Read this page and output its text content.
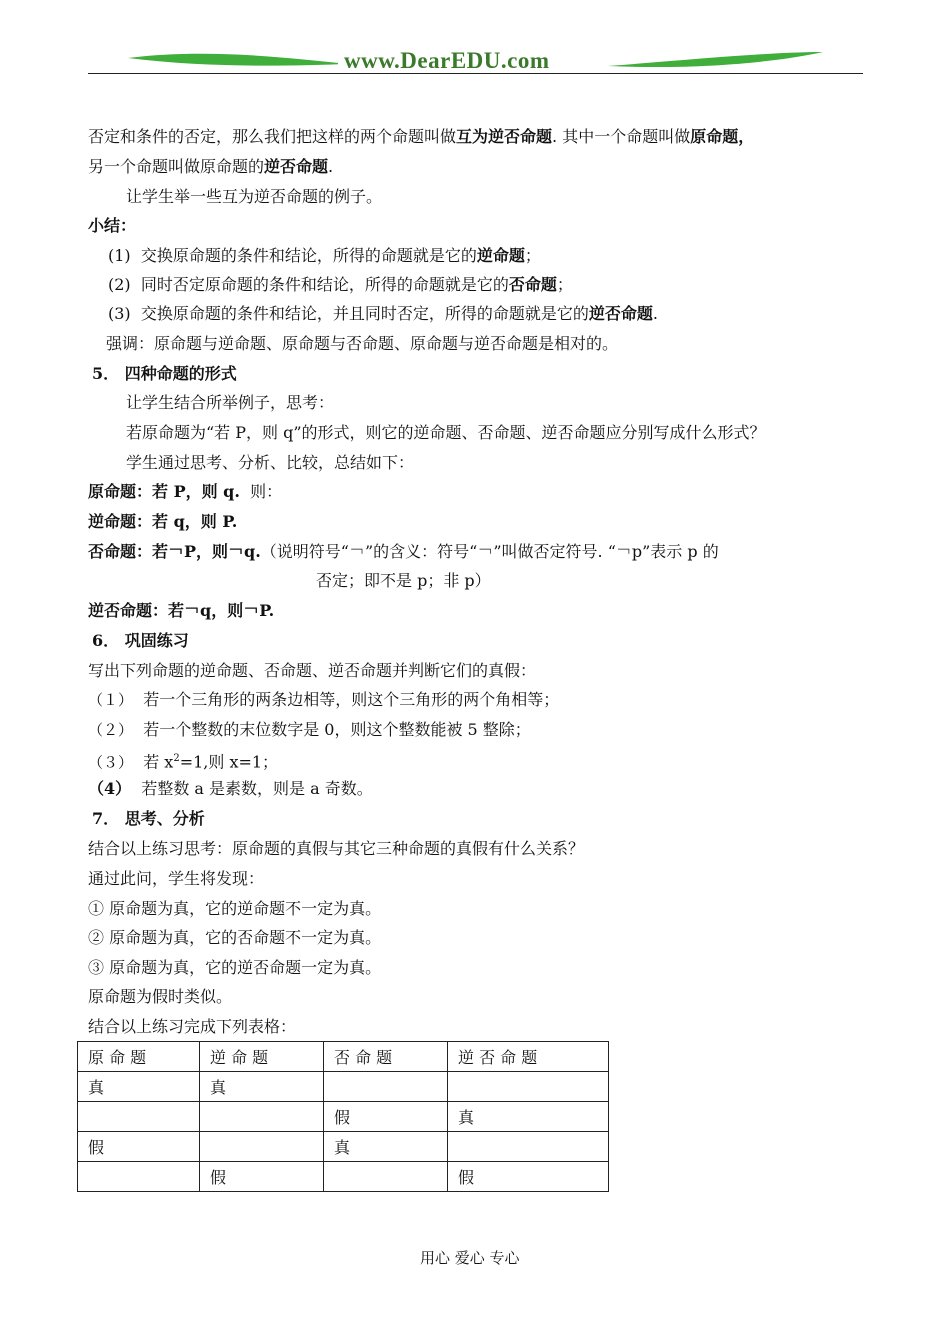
www.DearEDU.com
否定和条件的否定，那么我们把这样的两个命题叫做互为逆否命题. 其中一个命题叫做原命题，
另一个命题叫做原命题的逆否命题.
让学生举一些互为逆否命题的例子。
小结：
(1) 交换原命题的条件和结论，所得的命题就是它的逆命题；
(2) 同时否定原命题的条件和结论，所得的命题就是它的否命题；
(3) 交换原命题的条件和结论，并且同时否定，所得的命题就是它的逆否命题.
强调：原命题与逆命题、原命题与否命题、原命题与逆否命题是相对的。
5． 四种命题的形式
让学生结合所举例子，思考：
若原命题为“若 P，则 q”的形式，则它的逆命题、否命题、逆否命题应分别写成什么形式？
学生通过思考、分析、比较，总结如下：
原命题：若 P，则 q. 则：
逆命题：若 q，则 P.
否命题：若￢P，则￢q.（说明符号“￢”的含义：符号“￢”叫做否定符号. “￢p”表示 p 的
否定；即不是 p；非 p）
逆否命题：若￢q，则￢P.
6． 巩固练习
写出下列命题的逆命题、否命题、逆否命题并判断它们的真假：
（１） 若一个三角形的两条边相等，则这个三角形的两个角相等；
（２） 若一个整数的末位数字是 0，则这个整数能被 5 整除；
（３） 若 $x^2=1$,则 x=1；
（4） 若整数 a 是素数，则是 a 奇数。
7． 思考、分析
结合以上练习思考：原命题的真假与其它三种命题的真假有什么关系？
通过此问，学生将发现：
① 原命题为真，它的逆命题不一定为真。
② 原命题为真，它的否命题不一定为真。
③ 原命题为真，它的逆否命题一定为真。
原命题为假时类似。
结合以上练习完成下列表格：
原 命 题	逆 命 题	否 命 题	逆 否 命 题
真	真		
		假	真
假		真	
	假		假
用心 爱心 专心
